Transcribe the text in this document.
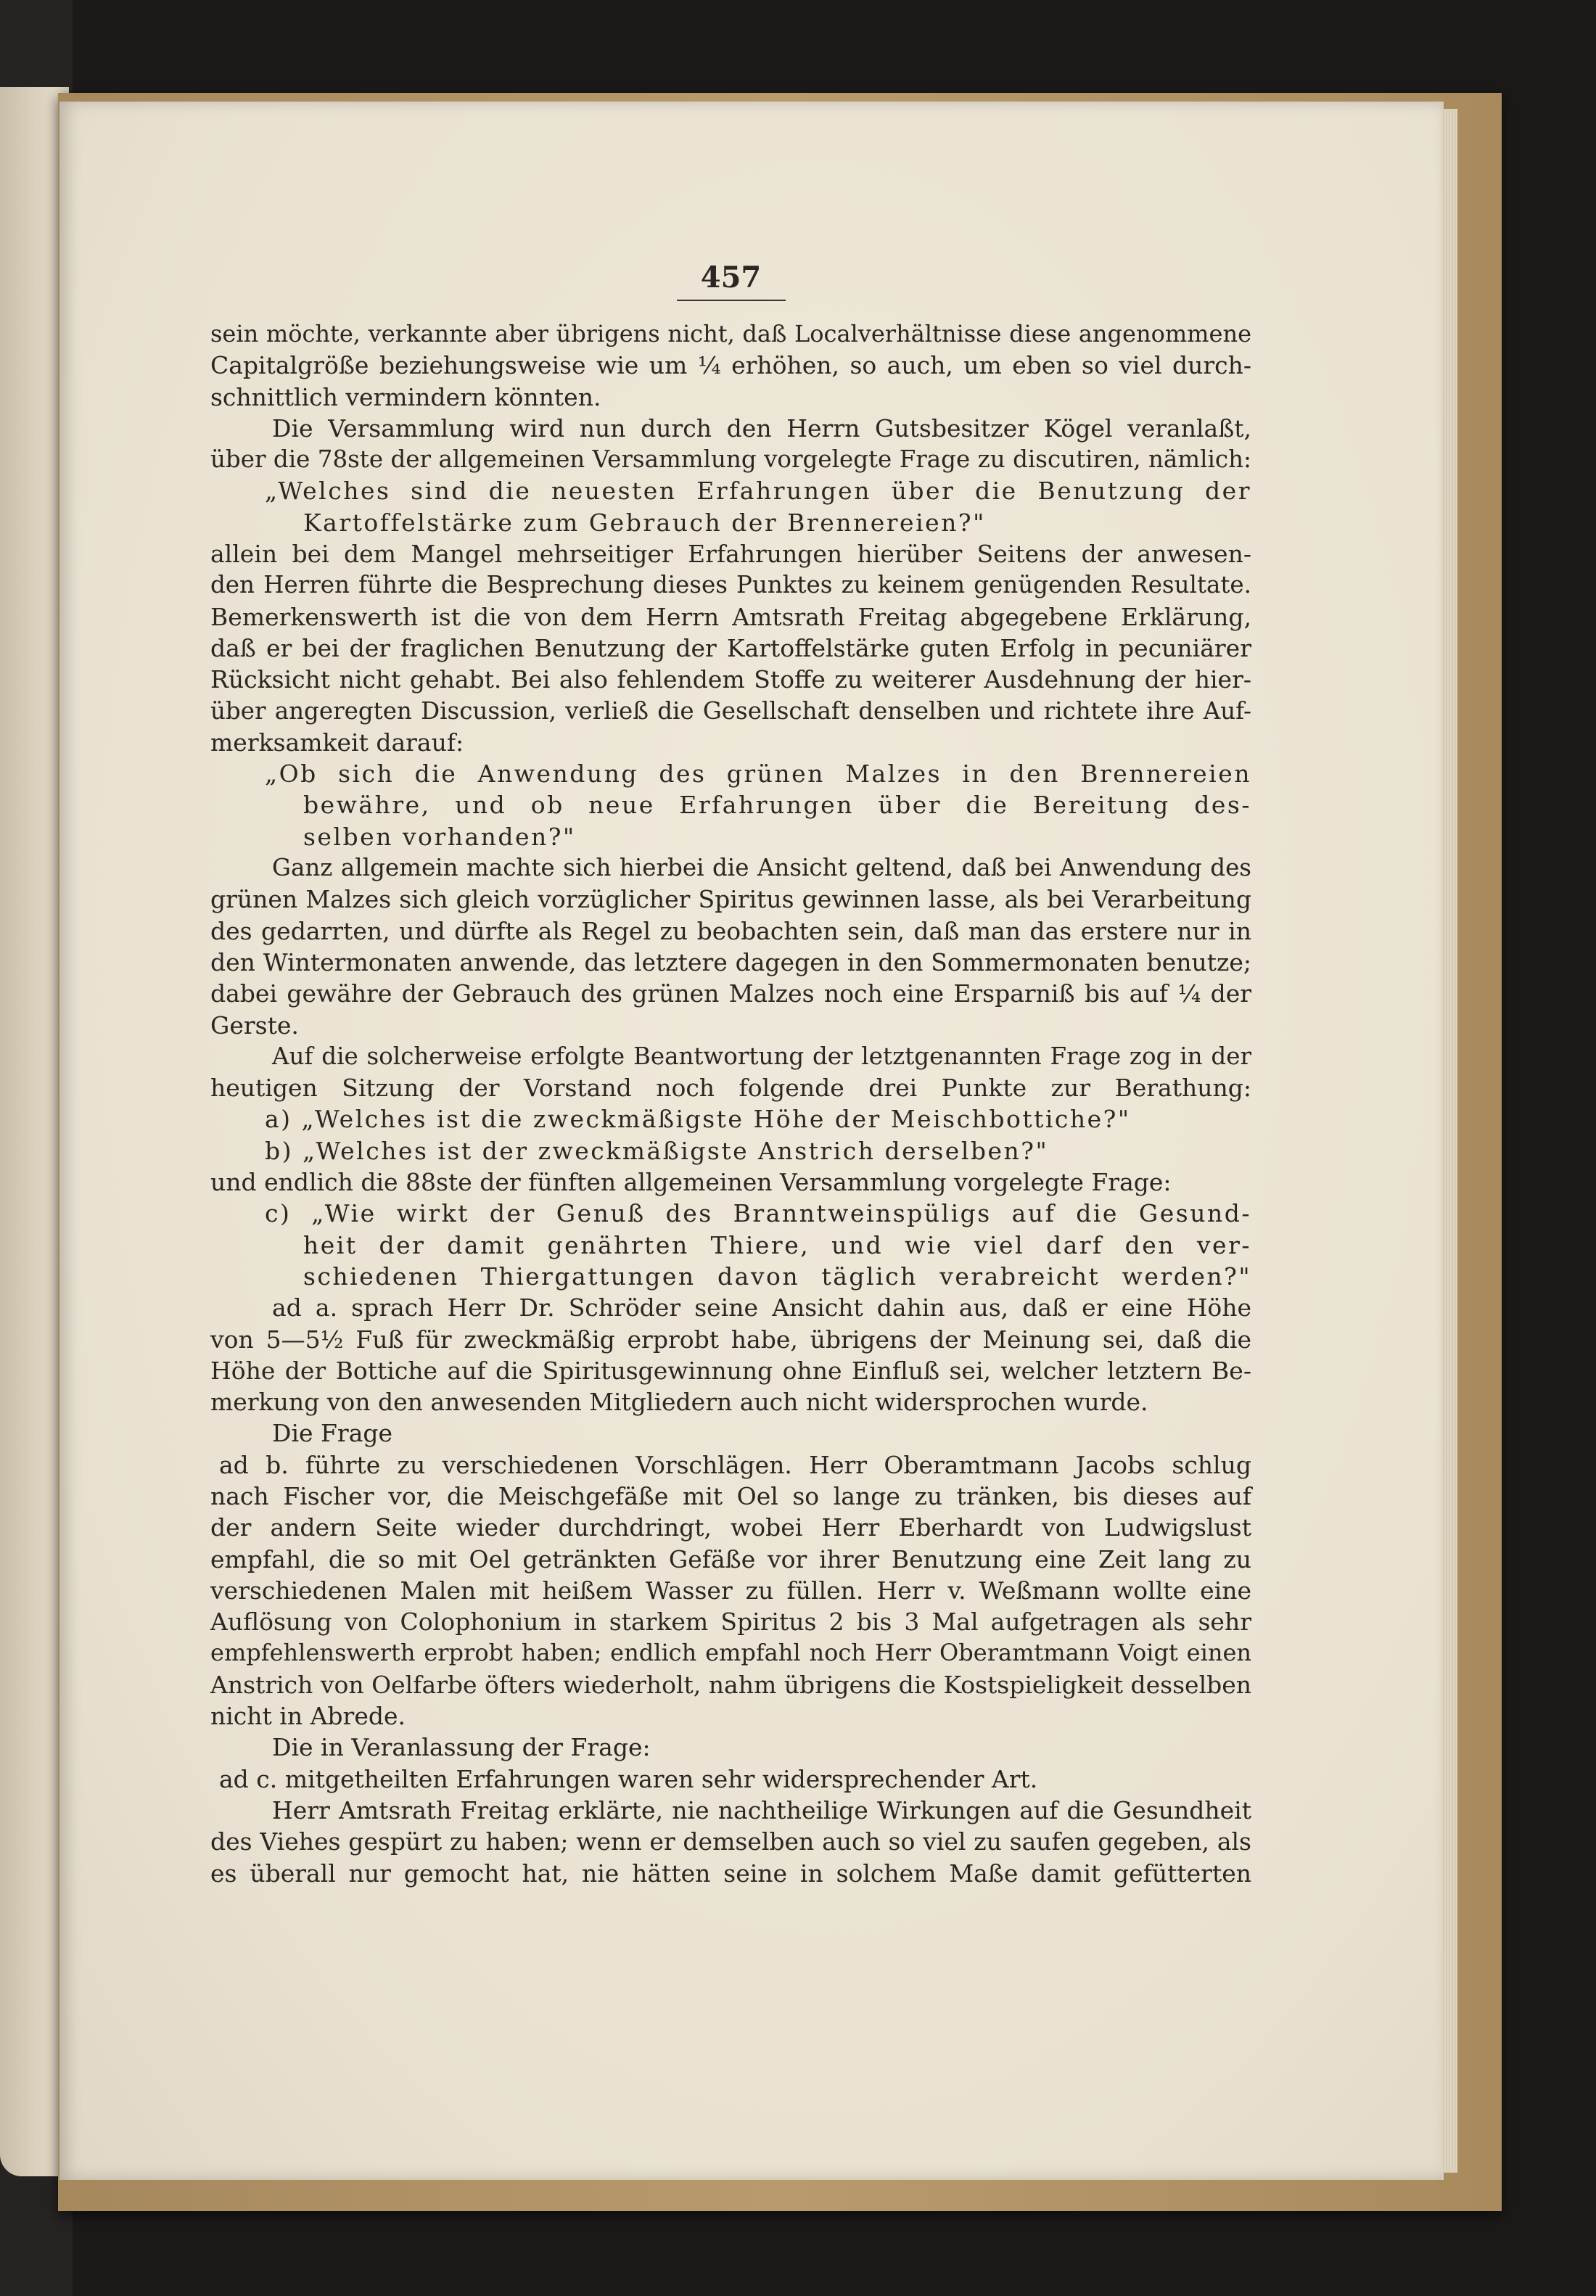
457

sein möchte, verkannte aber übrigens nicht, daß Localverhältnisse diese angenommene

Capitalgröße beziehungsweise wie um ¼ erhöhen, so auch, um eben so viel durch-

schnittlich vermindern könnten.

Die Versammlung wird nun durch den Herrn Gutsbesitzer Kögel veranlaßt,

über die 78ste der allgemeinen Versammlung vorgelegte Frage zu discutiren, nämlich:

„Welches sind die neuesten Erfahrungen über die Benutzung der

Kartoffelstärke zum Gebrauch der Brennereien?"

allein bei dem Mangel mehrseitiger Erfahrungen hierüber Seitens der anwesen-

den Herren führte die Besprechung dieses Punktes zu keinem genügenden Resultate.

Bemerkenswerth ist die von dem Herrn Amtsrath Freitag abgegebene Erklärung,

daß er bei der fraglichen Benutzung der Kartoffelstärke guten Erfolg in pecuniärer

Rücksicht nicht gehabt. Bei also fehlendem Stoffe zu weiterer Ausdehnung der hier-

über angeregten Discussion, verließ die Gesellschaft denselben und richtete ihre Auf-

merksamkeit darauf:

„Ob sich die Anwendung des grünen Malzes in den Brennereien

bewähre, und ob neue Erfahrungen über die Bereitung des-

selben vorhanden?"

Ganz allgemein machte sich hierbei die Ansicht geltend, daß bei Anwendung des

grünen Malzes sich gleich vorzüglicher Spiritus gewinnen lasse, als bei Verarbeitung

des gedarrten, und dürfte als Regel zu beobachten sein, daß man das erstere nur in

den Wintermonaten anwende, das letztere dagegen in den Sommermonaten benutze;

dabei gewähre der Gebrauch des grünen Malzes noch eine Ersparniß bis auf ¼ der

Gerste.

Auf die solcherweise erfolgte Beantwortung der letztgenannten Frage zog in der

heutigen Sitzung der Vorstand noch folgende drei Punkte zur Berathung:

a) „Welches ist die zweckmäßigste Höhe der Meischbottiche?"

b) „Welches ist der zweckmäßigste Anstrich derselben?"

und endlich die 88ste der fünften allgemeinen Versammlung vorgelegte Frage:

c) „Wie wirkt der Genuß des Branntweinspüligs auf die Gesund-

heit der damit genährten Thiere, und wie viel darf den ver-

schiedenen Thiergattungen davon täglich verabreicht werden?"

ad a. sprach Herr Dr. Schröder seine Ansicht dahin aus, daß er eine Höhe

von 5—5½ Fuß für zweckmäßig erprobt habe, übrigens der Meinung sei, daß die

Höhe der Bottiche auf die Spiritusgewinnung ohne Einfluß sei, welcher letztern Be-

merkung von den anwesenden Mitgliedern auch nicht widersprochen wurde.

Die Frage

ad b. führte zu verschiedenen Vorschlägen. Herr Oberamtmann Jacobs schlug

nach Fischer vor, die Meischgefäße mit Oel so lange zu tränken, bis dieses auf

der andern Seite wieder durchdringt, wobei Herr Eberhardt von Ludwigslust

empfahl, die so mit Oel getränkten Gefäße vor ihrer Benutzung eine Zeit lang zu

verschiedenen Malen mit heißem Wasser zu füllen. Herr v. Weßmann wollte eine

Auflösung von Colophonium in starkem Spiritus 2 bis 3 Mal aufgetragen als sehr

empfehlenswerth erprobt haben; endlich empfahl noch Herr Oberamtmann Voigt einen

Anstrich von Oelfarbe öfters wiederholt, nahm übrigens die Kostspieligkeit desselben

nicht in Abrede.

Die in Veranlassung der Frage:

ad c. mitgetheilten Erfahrungen waren sehr widersprechender Art.

Herr Amtsrath Freitag erklärte, nie nachtheilige Wirkungen auf die Gesundheit

des Viehes gespürt zu haben; wenn er demselben auch so viel zu saufen gegeben, als

es überall nur gemocht hat, nie hätten seine in solchem Maße damit gefütterten
